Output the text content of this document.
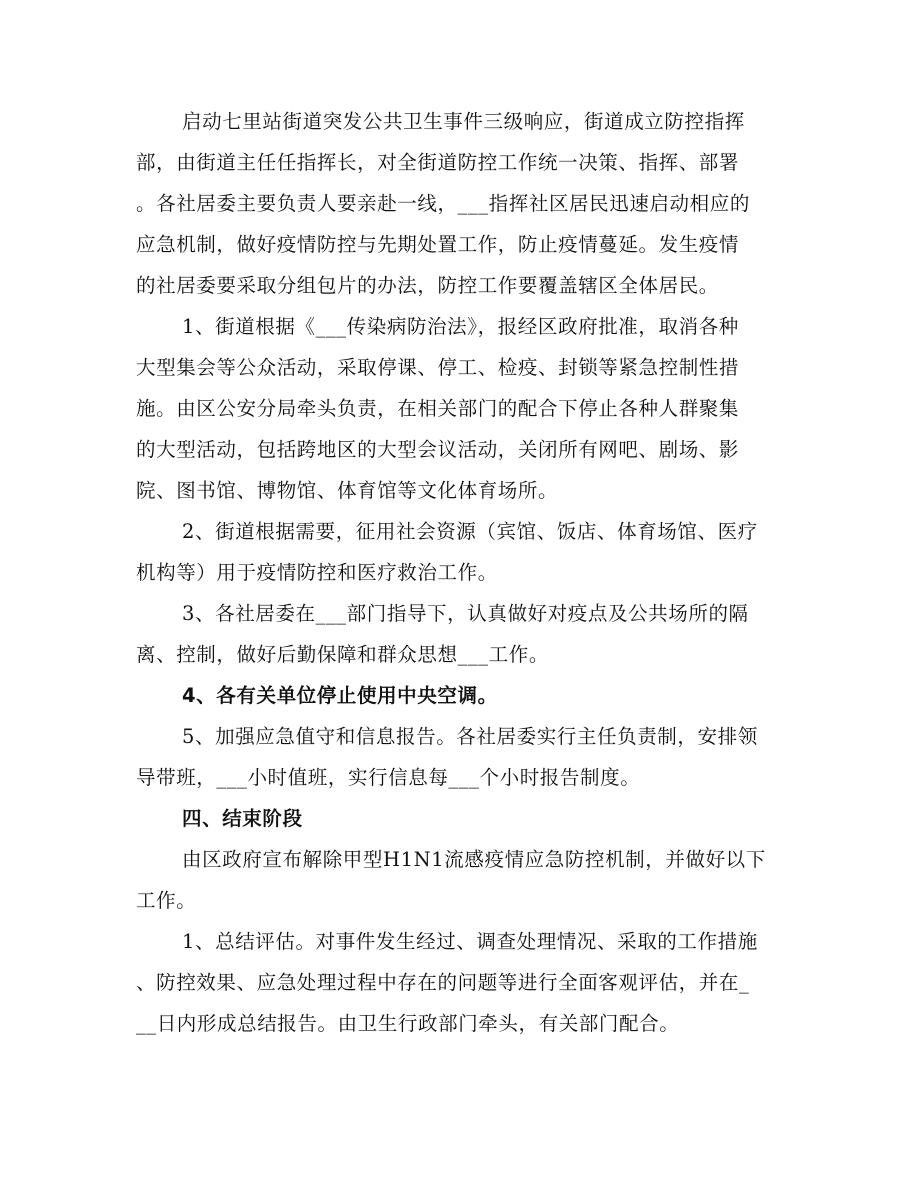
启动七里站街道突发公共卫生事件三级响应，街道成立防控指挥
部，由街道主任任指挥长，对全街道防控工作统一决策、指挥、部署
。各社居委主要负责人要亲赴一线，___指挥社区居民迅速启动相应的
应急机制，做好疫情防控与先期处置工作，防止疫情蔓延。发生疫情
的社居委要采取分组包片的办法，防控工作要覆盖辖区全体居民。
1、街道根据《___传染病防治法》，报经区政府批准，取消各种
大型集会等公众活动，采取停课、停工、检疫、封锁等紧急控制性措
施。由区公安分局牵头负责，在相关部门的配合下停止各种人群聚集
的大型活动，包括跨地区的大型会议活动，关闭所有网吧、剧场、影
院、图书馆、博物馆、体育馆等文化体育场所。
2、街道根据需要，征用社会资源（宾馆、饭店、体育场馆、医疗
机构等）用于疫情防控和医疗救治工作。
3、各社居委在___部门指导下，认真做好对疫点及公共场所的隔
离、控制，做好后勤保障和群众思想___工作。
4、各有关单位停止使用中央空调。
5、加强应急值守和信息报告。各社居委实行主任负责制，安排领
导带班，___小时值班，实行信息每___个小时报告制度。
四、结束阶段
由区政府宣布解除甲型H1N1流感疫情应急防控机制，并做好以下
工作。
1、总结评估。对事件发生经过、调查处理情况、采取的工作措施
、防控效果、应急处理过程中存在的问题等进行全面客观评估，并在_
__日内形成总结报告。由卫生行政部门牵头，有关部门配合。
